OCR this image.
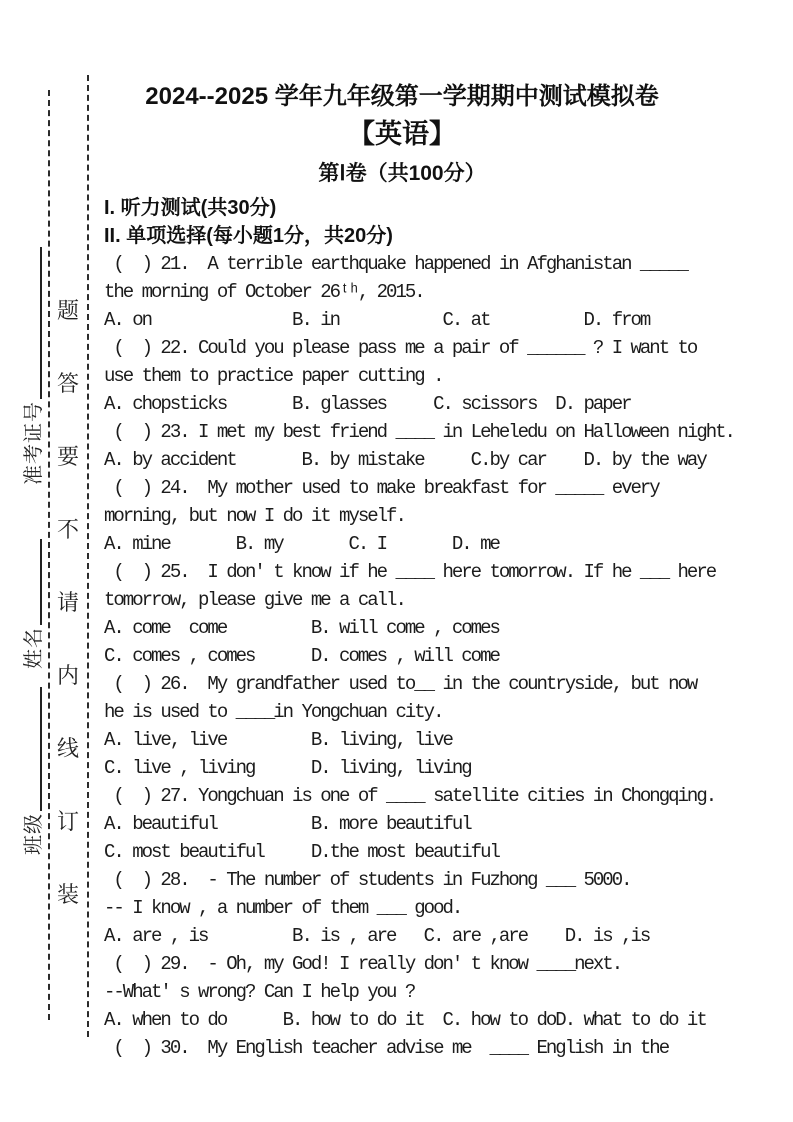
准考证号
姓名
班级
题
答
要
不
请
内
线
订
装
2024--2025 学年九年级第一学期期中测试模拟卷
【英语】
第Ⅰ卷（共100分）
I. 听力测试(共30分)
II. 单项选择(每小题1分，共20分)
(  ) 21.  A terrible earthquake happened in Afghanistan _____
the morning of October 26ᵗʰ, 2015.
A. on               B. in           C. at          D. from
(  ) 22. Could you please pass me a pair of ______ ? I want to
use them to practice paper cutting .
A. chopsticks       B. glasses     C. scissors  D. paper
(  ) 23. I met my best friend ____ in Leheledu on Halloween night.
A. by accident       B. by mistake     C.by car    D. by the way
(  ) 24.  My mother used to make breakfast for _____ every
morning, but now I do it myself.
A. mine       B. my       C. I       D. me
(  ) 25.  I don' t know if he ____ here tomorrow. If he ___ here
tomorrow, please give me a call.
A. come  come         B. will come , comes
C. comes , comes      D. comes , will come
(  ) 26.  My grandfather used to__ in the countryside, but now
he is used to ____in Yongchuan city.
A. live, live         B. living, live
C. live , living      D. living, living
(  ) 27. Yongchuan is one of ____ satellite cities in Chongqing.
A. beautiful          B. more beautiful
C. most beautiful     D.the most beautiful
(  ) 28.  - The number of students in Fuzhong ___ 5000.
-- I know , a number of them ___ good.
A. are , is         B. is , are   C. are ,are    D. is ,is
(  ) 29.  - Oh, my God! I really don' t know ____next.
--What' s wrong? Can I help you ?
A. when to do      B. how to do it  C. how to doD. what to do it
(  ) 30.  My English teacher advise me  ____ English in the
